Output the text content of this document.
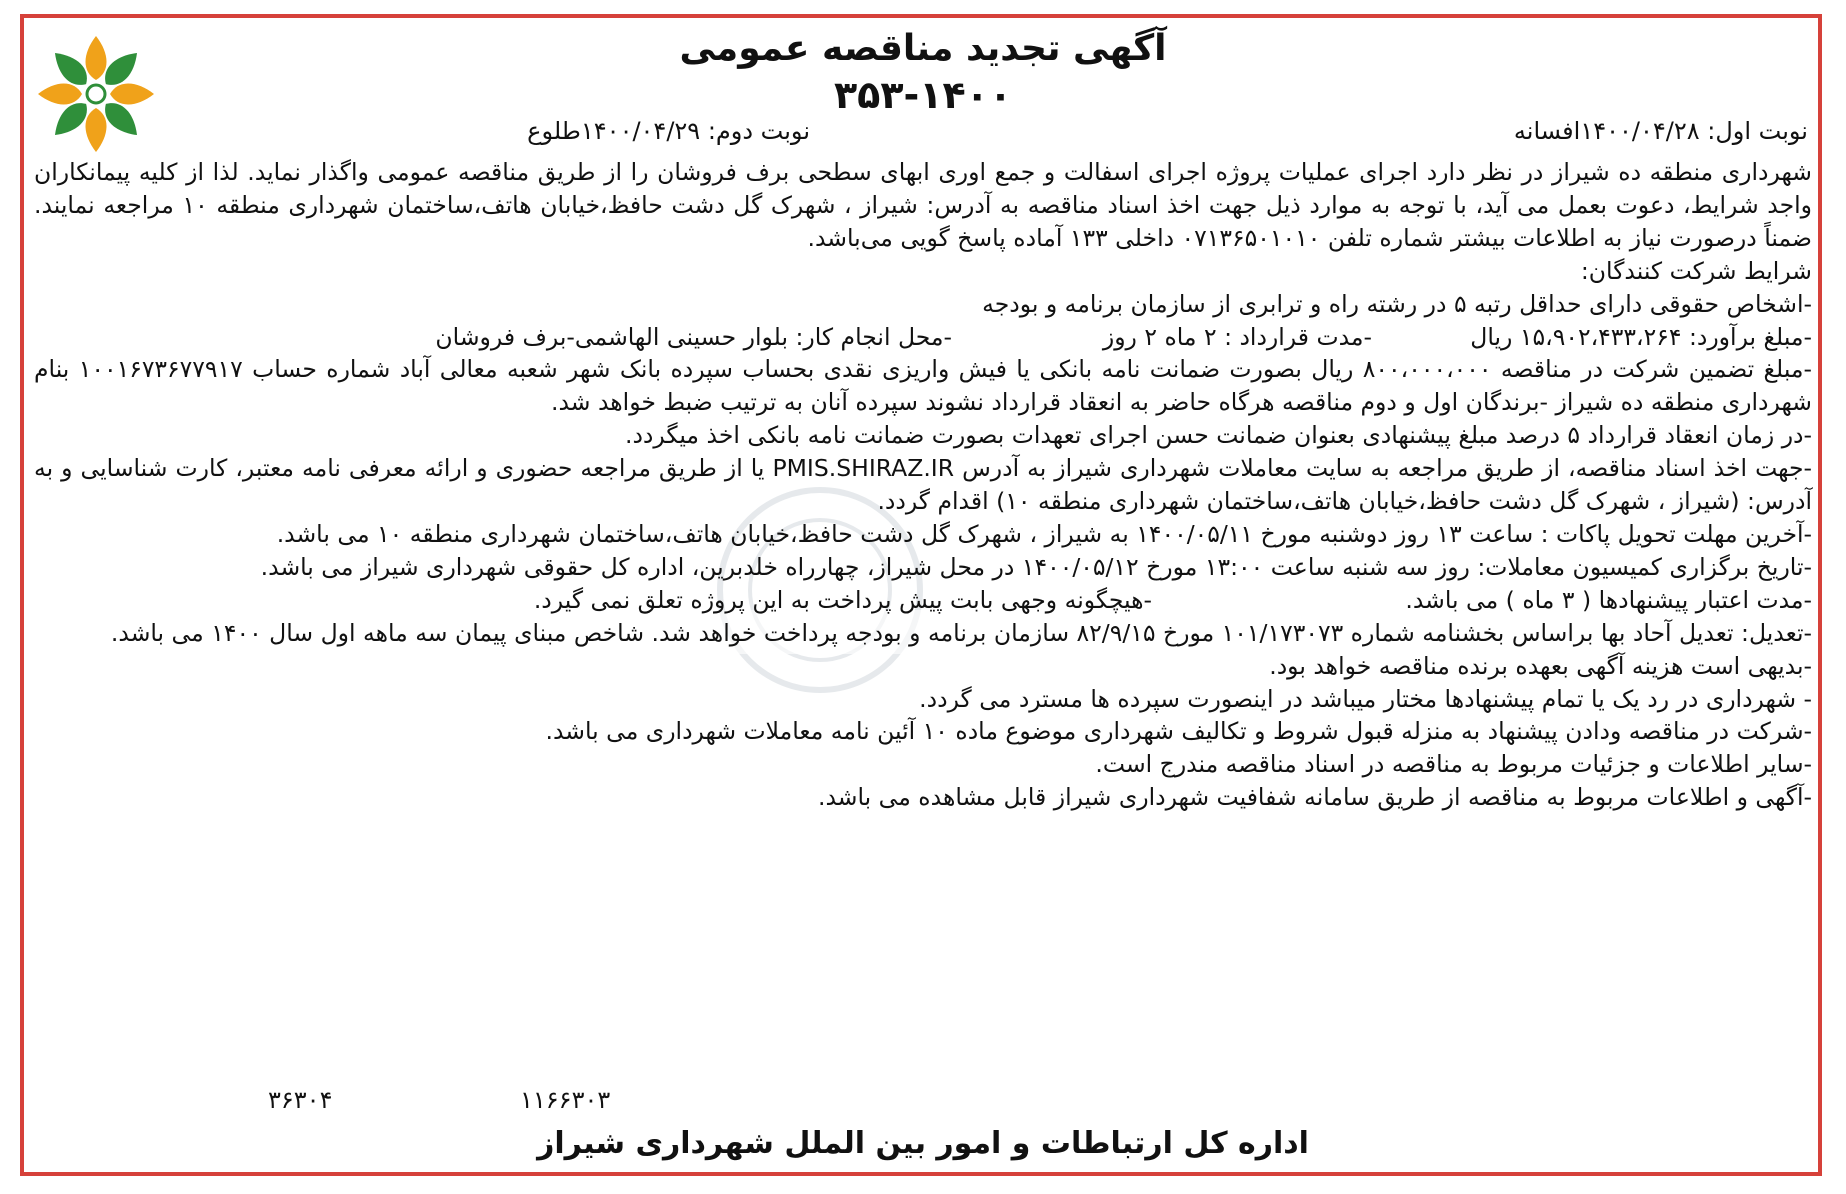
آگهی تجدید مناقصه عمومی
۳۵۳-۱۴۰۰
نوبت اول: ۱۴۰۰/۰۴/۲۸افسانه
نوبت دوم: ۱۴۰۰/۰۴/۲۹طلوع

شهرداری منطقه ده شیراز در نظر دارد اجرای عملیات پروژه اجرای اسفالت و جمع اوری ابهای سطحی برف فروشان را از طریق مناقصه عمومی واگذار نماید. لذا از کلیه پیمانکاران واجد شرایط، دعوت بعمل می آید، با توجه به موارد ذیل جهت اخذ اسناد مناقصه به آدرس: شیراز ، شهرک گل دشت حافظ،خیابان هاتف،ساختمان شهرداری منطقه ۱۰ مراجعه نمایند. ضمناً درصورت نیاز به اطلاعات بیشتر شماره تلفن ۰۷۱۳۶۵۰۱۰۱۰ داخلی ۱۳۳ آماده پاسخ گویی می‌باشد.

شرایط شرکت کنندگان:

-اشخاص حقوقی دارای حداقل رتبه ۵ در رشته راه و ترابری از سازمان برنامه و بودجه

-مبلغ برآورد: ۱۵،۹۰۲،۴۳۳،۲۶۴ ریال
-مدت قرارداد : ۲ ماه ۲ روز
-محل انجام کار: بلوار حسینی الهاشمی-برف فروشان

-مبلغ تضمین شرکت در مناقصه ۸۰۰،۰۰۰،۰۰۰ ریال بصورت ضمانت نامه بانکی یا فیش واریزی نقدی بحساب سپرده بانک شهر شعبه معالی آباد شماره حساب ۱۰۰۱۶۷۳۶۷۷۹۱۷ بنام شهرداری منطقه ده شیراز -برندگان اول و دوم مناقصه هرگاه حاضر به انعقاد قرارداد نشوند سپرده آنان به ترتیب ضبط خواهد شد.

-در زمان انعقاد قرارداد ۵ درصد مبلغ پیشنهادی بعنوان ضمانت حسن اجرای تعهدات بصورت ضمانت نامه بانکی اخذ میگردد.

-جهت اخذ اسناد مناقصه، از طریق مراجعه به سایت معاملات شهرداری شیراز به آدرس PMIS.SHIRAZ.IR یا از طریق مراجعه حضوری و ارائه معرفی نامه معتبر، کارت شناسایی و به آدرس: (شیراز ، شهرک گل دشت حافظ،خیابان هاتف،ساختمان شهرداری منطقه ۱۰) اقدام گردد.

-آخرین مهلت تحویل پاکات : ساعت ۱۳ روز دوشنبه مورخ ۱۴۰۰/۰۵/۱۱ به شیراز ، شهرک گل دشت حافظ،خیابان هاتف،ساختمان شهرداری منطقه ۱۰ می باشد.

-تاریخ برگزاری کمیسیون معاملات: روز سه شنبه ساعت ۱۳:۰۰ مورخ ۱۴۰۰/۰۵/۱۲ در محل شیراز، چهارراه خلدبرین، اداره کل حقوقی شهرداری شیراز می باشد.

-مدت اعتبار پیشنهادها ( ۳ ماه ) می باشد.
-هیچگونه وجهی بابت پیش پرداخت به این پروژه تعلق نمی گیرد.

-تعدیل: تعدیل آحاد بها براساس بخشنامه شماره ۱۰۱/۱۷۳۰۷۳ مورخ ۸۲/۹/۱۵ سازمان برنامه و بودجه پرداخت خواهد شد. شاخص مبنای پیمان سه ماهه اول سال ۱۴۰۰ می باشد.

-بدیهی است هزینه آگهی بعهده برنده مناقصه خواهد بود.

- شهرداری در رد یک یا تمام پیشنهادها مختار میباشد در اینصورت سپرده ها مسترد می گردد.

-شرکت در مناقصه ودادن پیشنهاد به منزله قبول شروط و تکالیف شهرداری موضوع ماده ۱۰ آئین نامه معاملات شهرداری می باشد.

-سایر اطلاعات و جزئیات مربوط به مناقصه در اسناد مناقصه مندرج است.

-آگهی و اطلاعات مربوط به مناقصه از طریق سامانه شفافیت شهرداری شیراز قابل مشاهده می باشد.

۱۱۶۶۳۰۳
۳۶۳۰۴
اداره کل ارتباطات و امور بین الملل شهرداری شیراز
